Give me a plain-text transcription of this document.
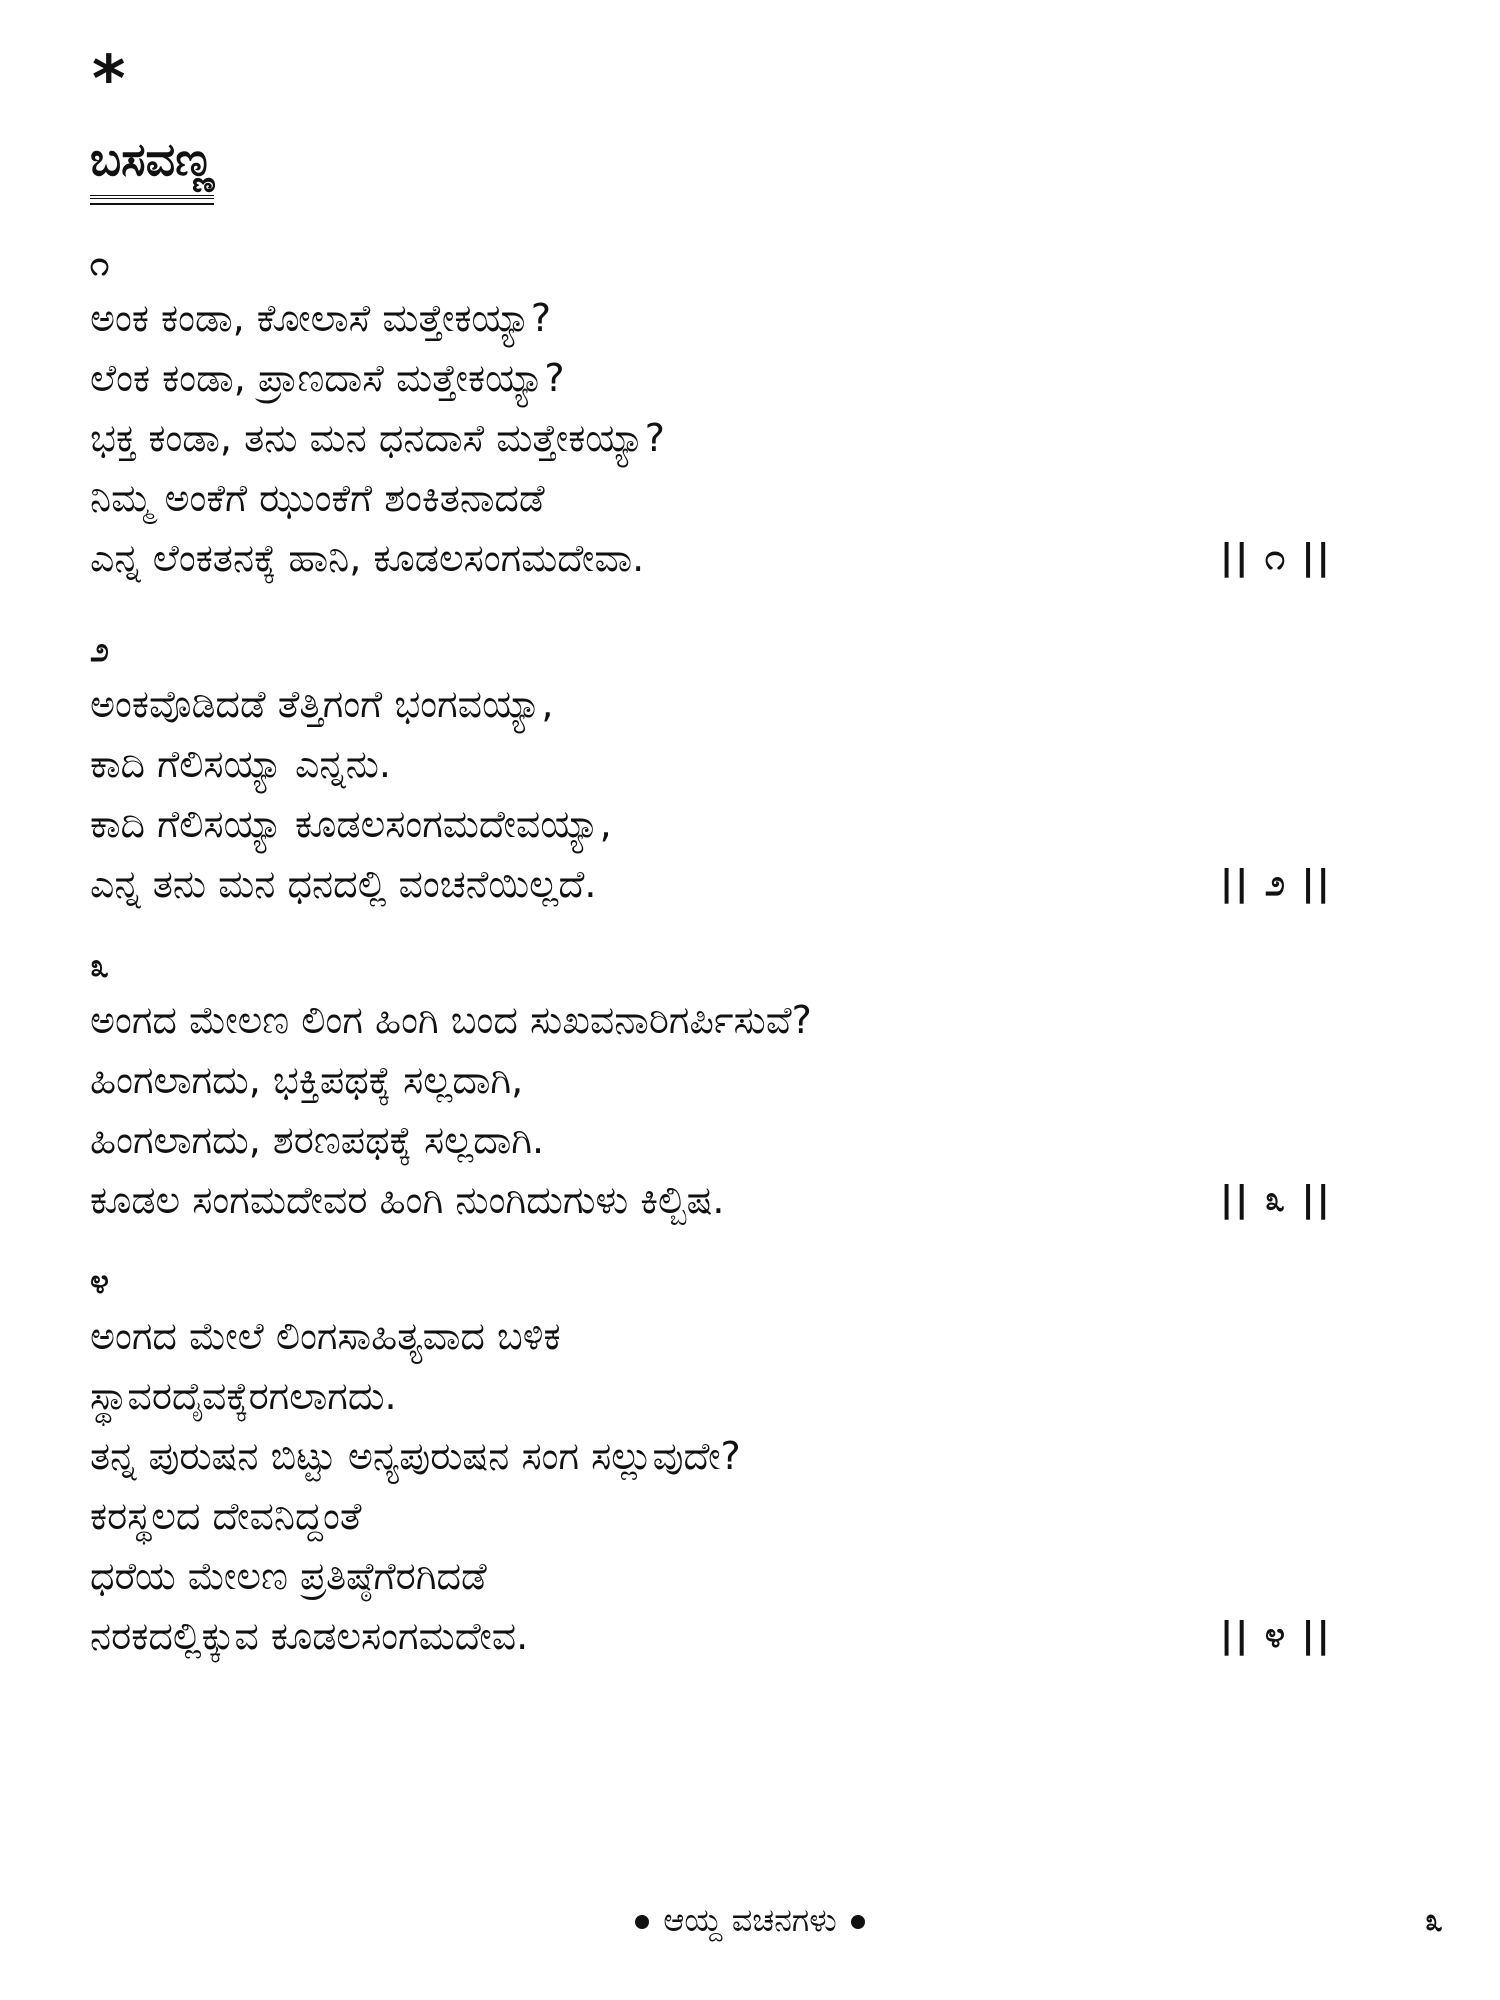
*
ಬಸವಣ್ಣ
೧
ಅಂಕ ಕಂಡಾ, ಕೋಲಾಸೆ ಮತ್ತೇಕಯ್ಯಾ?
ಲೆಂಕ ಕಂಡಾ, ಪ್ರಾಣದಾಸೆ ಮತ್ತೇಕಯ್ಯಾ?
ಭಕ್ತ ಕಂಡಾ, ತನು ಮನ ಧನದಾಸೆ ಮತ್ತೇಕಯ್ಯಾ?
ನಿಮ್ಮ ಅಂಕೆಗೆ ಝುಂಕೆಗೆ ಶಂಕಿತನಾದಡೆ
ಎನ್ನ ಲೆಂಕತನಕ್ಕೆ ಹಾನಿ, ಕೂಡಲಸಂಗಮದೇವಾ.	|| ೧ ||
೨
ಅಂಕವೊಡಿದಡೆ ತೆತ್ತಿಗಂಗೆ ಭಂಗವಯ್ಯಾ,
ಕಾದಿ ಗೆಲಿಸಯ್ಯಾ ಎನ್ನನು.
ಕಾದಿ ಗೆಲಿಸಯ್ಯಾ ಕೂಡಲಸಂಗಮದೇವಯ್ಯಾ,
ಎನ್ನ ತನು ಮನ ಧನದಲ್ಲಿ ವಂಚನೆಯಿಲ್ಲದೆ.	|| ೨ ||
೩
ಅಂಗದ ಮೇಲಣ ಲಿಂಗ ಹಿಂಗಿ ಬಂದ ಸುಖವನಾರಿಗರ್ಪಿಸುವೆ?
ಹಿಂಗಲಾಗದು, ಭಕ್ತಿಪಥಕ್ಕೆ ಸಲ್ಲದಾಗಿ,
ಹಿಂಗಲಾಗದು, ಶರಣಪಥಕ್ಕೆ ಸಲ್ಲದಾಗಿ.
ಕೂಡಲ ಸಂಗಮದೇವರ ಹಿಂಗಿ ನುಂಗಿದುಗುಳು ಕಿಲ್ಬಿಷ.	|| ೩ ||
೪
ಅಂಗದ ಮೇಲೆ ಲಿಂಗಸಾಹಿತ್ಯವಾದ ಬಳಿಕ
ಸ್ಥಾವರದೈವಕ್ಕೆರಗಲಾಗದು.
ತನ್ನ ಪುರುಷನ ಬಿಟ್ಟು ಅನ್ಯಪುರುಷನ ಸಂಗ ಸಲ್ಲುವುದೇ?
ಕರಸ್ಥಲದ ದೇವನಿದ್ದಂತೆ
ಧರೆಯ ಮೇಲಣ ಪ್ರತಿಷ್ಠೆಗೆರಗಿದಡೆ
ನರಕದಲ್ಲಿಕ್ಕುವ ಕೂಡಲಸಂಗಮದೇವ.	|| ೪ ||
ಆಯ್ದ ವಚನಗಳು	೩
